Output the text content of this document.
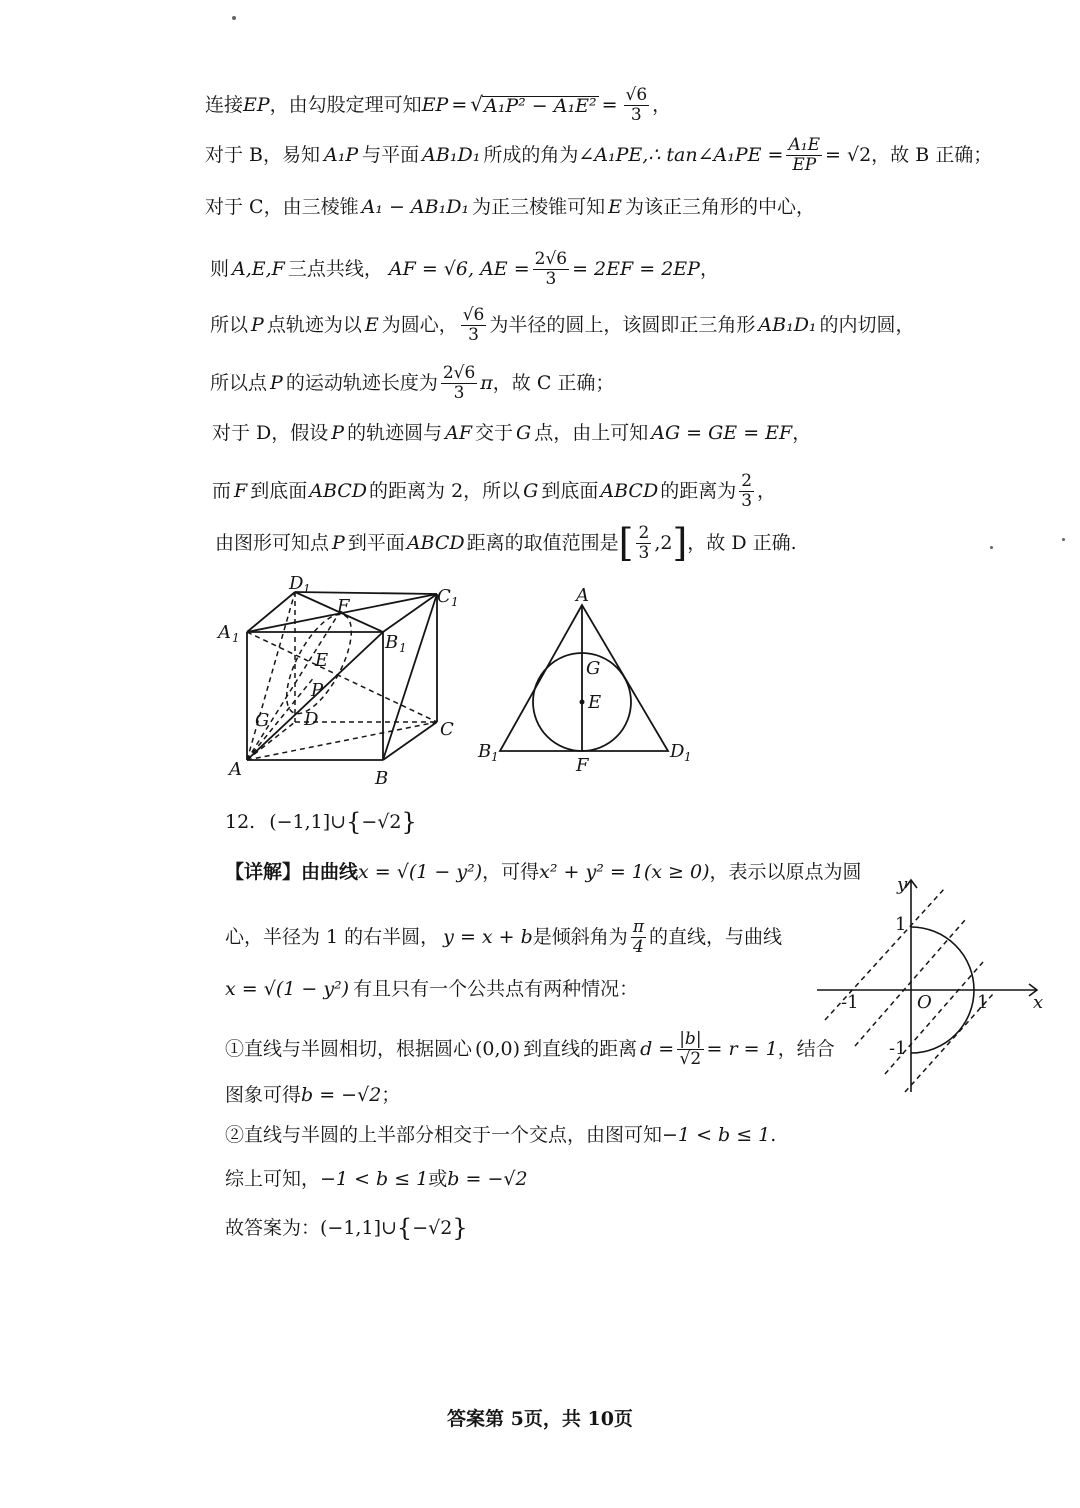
连接 EP ，由勾股定理可知 EP = √ $A_1P^2 - A_1E^2 = \frac{√6}{3}$ ，
对于 B，易知 A₁P 与平面 AB₁D₁ 所成的角为 ∠A₁PE,∴ tan∠A₁PE = $\frac{\text{A₁E}}{EP} = √2$ ，故 B 正确；
对于 C，由三棱锥 A₁ − AB₁D₁ 为正三棱锥可知 E 为该正三角形的中心，
则 A,E,F 三点共线， AF = √6, AE = $\frac{2√6}{3} = 2EF = 2EP$ ，
所以 P 点轨迹为以 E 为圆心， $\frac{√6}{3}$ 为半径的圆上，该圆即正三角形 AB₁D₁ 的内切圆，
所以点 P 的运动轨迹长度为 $\frac{2√6}{3}$ π ，故 C 正确；
对于 D，假设 P 的轨迹圆与 AF 交于 G 点，由上可知 AG = GE = EF ，
而 F 到底面 ABCD 的距离为 2，所以 G 到底面 ABCD 的距离为 $\frac{2}{3}$ ，
由图形可知点 P 到平面 ABCD 距离的取值范围是 [ $\frac{2}{3} ,2$ ] ，故 D 正确.
D 1	C 1
A 1	B 1
F
E
P
G D	C
A	B
A
G
E
B 1	D 1
F
12. (−1,1]∪ { −√2 }
【详解】由曲线 x = √(1 − y²) ，可得 x² + y² = 1(x ≥ 0) ，表示以原点为圆
心，半径为 1 的右半圆， y = x + b 是倾斜角为 $\frac{\pi}{4}$ 的直线，与曲线
x = √(1 − y²) 有且只有一个公共点有两种情况：
①直线与半圆相切，根据圆心 (0,0) 到直线的距离 $d = \frac{|b|}{√2} = r = 1$ ，结合
图象可得 b = −√2 ；
②直线与半圆的上半部分相交于一个交点，由图可知 −1 < b ≤ 1 .
综上可知， −1 < b ≤ 1 或 b = −√2
故答案为： (−1,1]∪ { −√2 }
y
x
1
-1	O	1
-1
答案第 5页，共 10页
